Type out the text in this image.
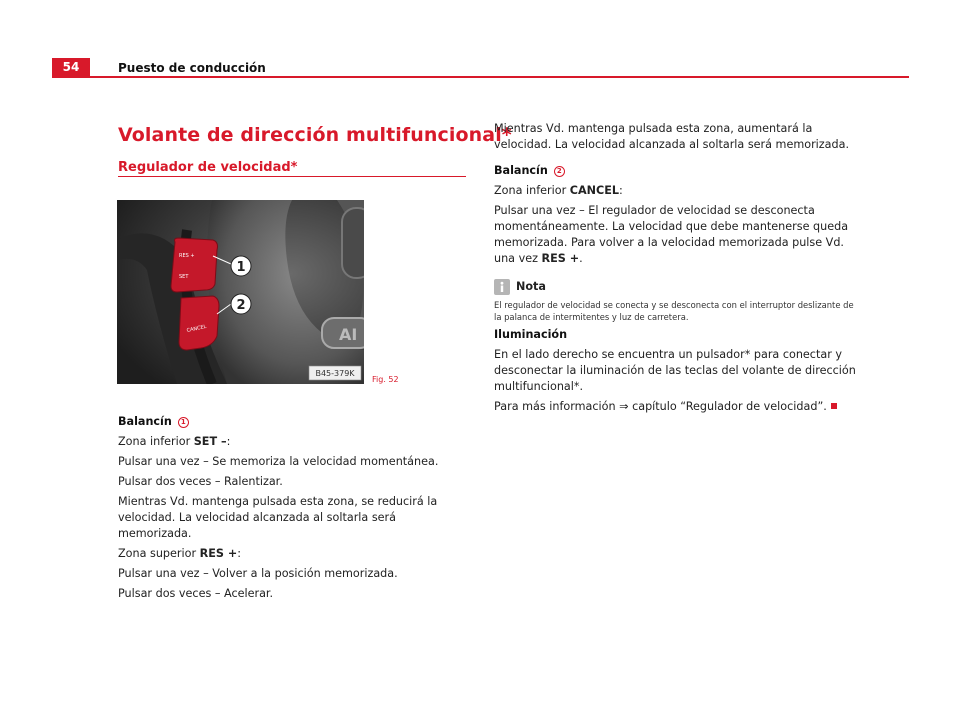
54	Puesto de conducción
Volante de dirección multifuncional*
Regulador de velocidad*
AI
RES +
SET
CANCEL
1
2
B45-379K
Fig. 52

Balancín	1

Zona inferior SET –:

Pulsar una vez – Se memoriza la velocidad momentánea.

Pulsar dos veces – Ralentizar.

Mientras Vd. mantenga pulsada esta zona, se reducirá la velocidad. La velocidad alcanzada al soltarla será memorizada.

Zona superior RES +:

Pulsar una vez – Volver a la posición memorizada.

Pulsar dos veces – Acelerar.

Mientras Vd. mantenga pulsada esta zona, aumentará la velocidad. La velocidad alcanzada al soltarla será memorizada.

Balancín	2

Zona inferior CANCEL:

Pulsar una vez – El regulador de velocidad se desconecta momentáneamente. La velocidad que debe mantenerse queda memorizada. Para volver a la velocidad memorizada pulse Vd. una vez RES +.

Nota

El regulador de velocidad se conecta y se desconecta con el interruptor deslizante de la palanca de intermitentes y luz de carretera.

Iluminación

En el lado derecho se encuentra un pulsador* para conectar y desconectar la iluminación de las teclas del volante de dirección multifuncional*.

Para más información ⇒ capítulo “Regulador de velocidad”.
